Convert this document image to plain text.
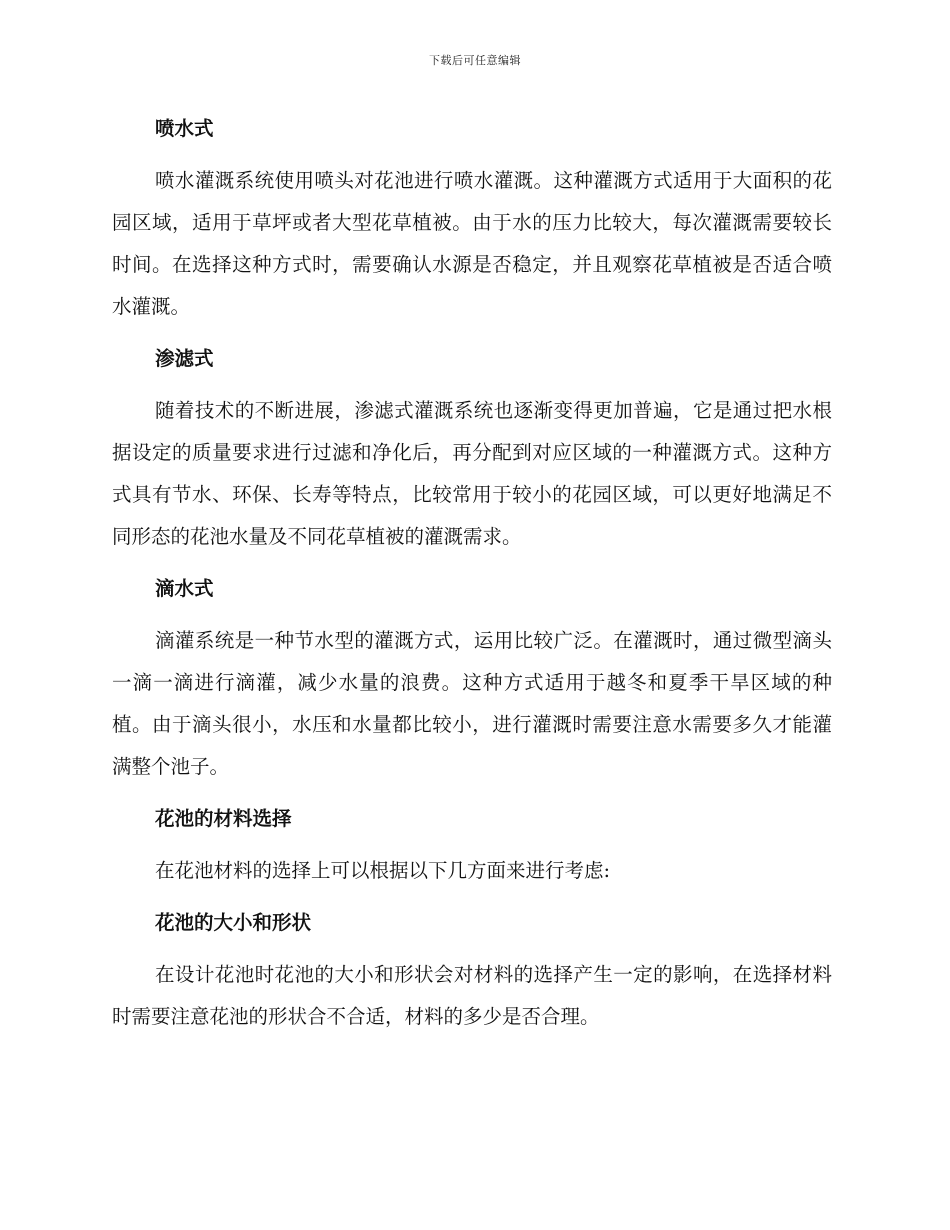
下载后可任意编辑
喷水式

喷水灌溉系统使用喷头对花池进行喷水灌溉。这种灌溉方式适用于大面积的花园区域，适用于草坪或者大型花草植被。由于水的压力比较大，每次灌溉需要较长时间。在选择这种方式时，需要确认水源是否稳定，并且观察花草植被是否适合喷水灌溉。

渗滤式

随着技术的不断进展，渗滤式灌溉系统也逐渐变得更加普遍，它是通过把水根据设定的质量要求进行过滤和净化后，再分配到对应区域的一种灌溉方式。这种方式具有节水、环保、长寿等特点，比较常用于较小的花园区域，可以更好地满足不同形态的花池水量及不同花草植被的灌溉需求。

滴水式

滴灌系统是一种节水型的灌溉方式，运用比较广泛。在灌溉时，通过微型滴头一滴一滴进行滴灌，减少水量的浪费。这种方式适用于越冬和夏季干旱区域的种植。由于滴头很小，水压和水量都比较小，进行灌溉时需要注意水需要多久才能灌满整个池子。

花池的材料选择

在花池材料的选择上可以根据以下几方面来进行考虑:

花池的大小和形状

在设计花池时花池的大小和形状会对材料的选择产生一定的影响，在选择材料时需要注意花池的形状合不合适，材料的多少是否合理。
